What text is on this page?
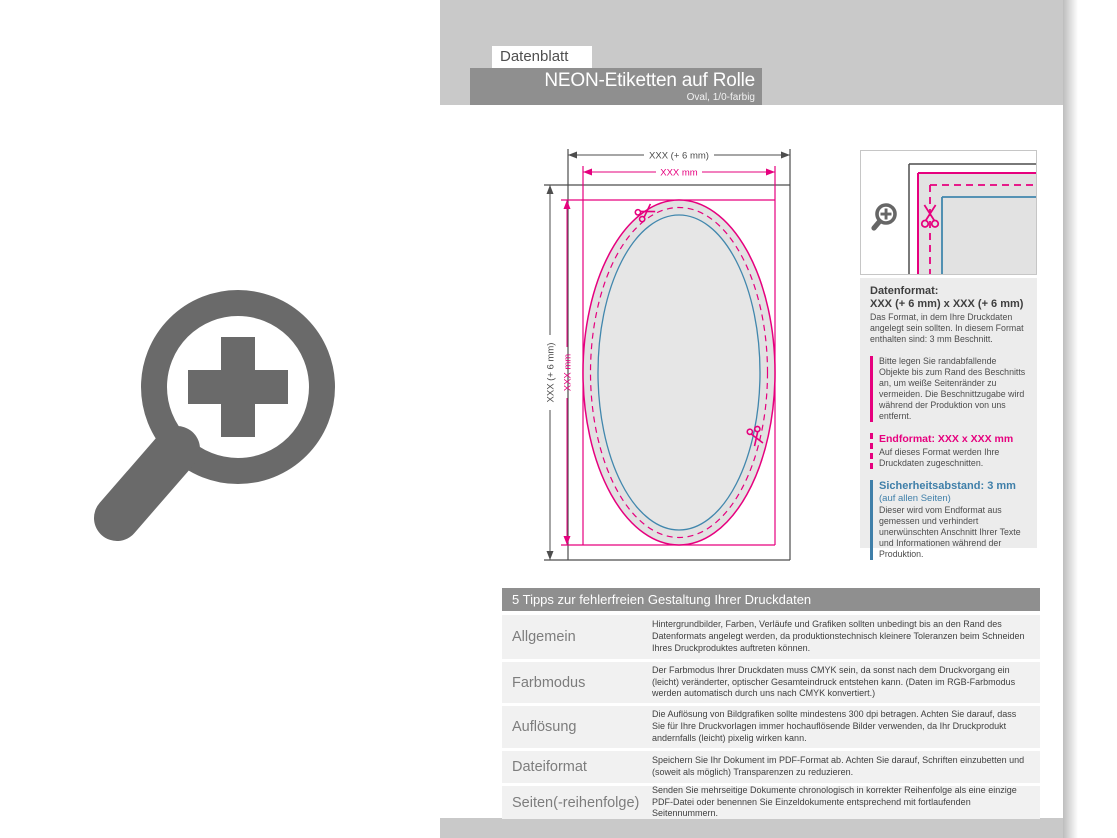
Datenblatt
NEON-Etiketten auf Rolle
Oval, 1/0-farbig
XXX (+ 6 mm)
XXX mm
XXX (+ 6 mm) XXX mm
Datenformat:
XXX (+ 6 mm) x XXX (+ 6 mm)
Das Format, in dem Ihre Druckdaten angelegt sein sollten. In diesem Format enthalten sind: 3 mm Beschnitt.
Bitte legen Sie randabfallende Objekte bis zum Rand des Beschnitts an, um weiße Seitenränder zu vermeiden. Die Beschnittzugabe wird während der Produktion von uns entfernt.
Endformat: XXX x XXX mm
Auf dieses Format werden Ihre Druckdaten zugeschnitten.
Sicherheitsabstand: 3 mm
(auf allen Seiten)
Dieser wird vom Endformat aus gemessen und verhindert unerwünschten Anschnitt Ihrer Texte und Informationen während der Produktion.
5 Tipps zur fehlerfreien Gestaltung Ihrer Druckdaten
Allgemein
Hintergrundbilder, Farben, Verläufe und Grafiken sollten unbedingt bis an den Rand des Datenformats angelegt werden, da produktionstechnisch kleinere Toleranzen beim Schneiden Ihres Druckproduktes auftreten können.
Farbmodus
Der Farbmodus Ihrer Druckdaten muss CMYK sein, da sonst nach dem Druckvorgang ein (leicht) veränderter, optischer Gesamteindruck entstehen kann. (Daten im RGB-Farbmodus werden automatisch durch uns nach CMYK konvertiert.)
Auflösung
Die Auflösung von Bildgrafiken sollte mindestens 300 dpi betragen. Achten Sie darauf, dass Sie für Ihre Druckvorlagen immer hochauflösende Bilder verwenden, da Ihr Druckprodukt andernfalls (leicht) pixelig wirken kann.
Dateiformat	Speichern Sie Ihr Dokument im PDF-Format ab. Achten Sie darauf, Schriften einzubetten und (soweit als möglich) Transparenzen zu reduzieren.
Seiten(-reihenfolge)
Senden Sie mehrseitige Dokumente chronologisch in korrekter Reihenfolge als eine einzige PDF-Datei oder benennen Sie Einzeldokumente entsprechend mit fortlaufenden Seitennummern.
